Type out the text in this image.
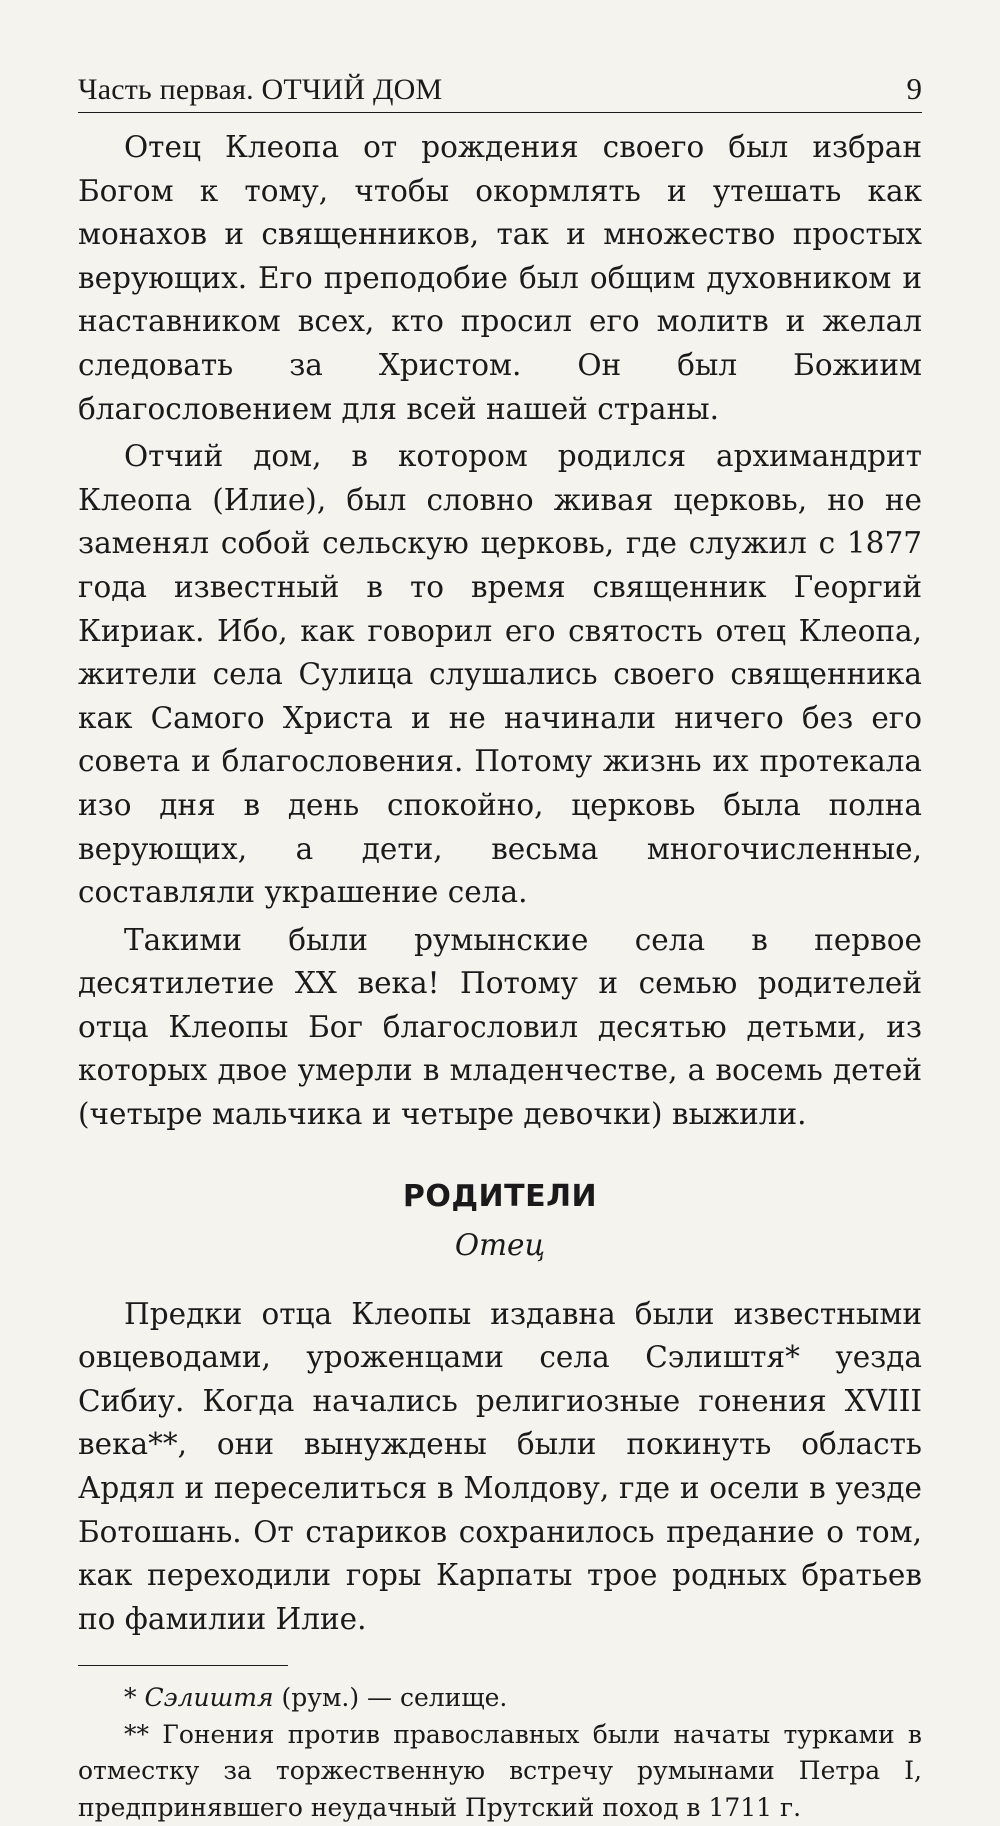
Часть первая. ОТЧИЙ ДОМ	9

Отец Клеопа от рождения своего был избран Богом к тому, чтобы окормлять и утешать как монахов и священников, так и множество простых верующих. Его преподобие был общим духовником и наставником всех, кто просил его молитв и желал следовать за Христом. Он был Божиим благословением для всей нашей страны.

Отчий дом, в котором родился архимандрит Клеопа (Илие), был словно живая церковь, но не заменял собой сельскую церковь, где служил с 1877 года известный в то время священник Георгий Кириак. Ибо, как говорил его святость отец Клеопа, жители села Сулица слушались своего священника как Самого Христа и не начинали ничего без его совета и благословения. Потому жизнь их протекала изо дня в день спокойно, церковь была полна верующих, а дети, весьма многочисленные, составляли украшение села.

Такими были румынские села в первое десятилетие XX века! Потому и семью родителей отца Клеопы Бог благословил десятью детьми, из которых двое умерли в младенчестве, а восемь детей (четыре мальчика и четыре девочки) выжили.

РОДИТЕЛИ
Отец

Предки отца Клеопы издавна были известными овцеводами, уроженцами села Сэлиштя* уезда Сибиу. Когда начались религиозные гонения XVIII века**, они вынуждены были покинуть область Ардял и переселиться в Молдову, где и осели в уезде Ботошань. От стариков сохранилось предание о том, как переходили горы Карпаты трое родных братьев по фамилии Илие.

* Сэлиштя (рум.) — селище.

** Гонения против православных были начаты турками в отместку за торжественную встречу румынами Петра I, предпринявшего неудачный Прутский поход в 1711 г.
